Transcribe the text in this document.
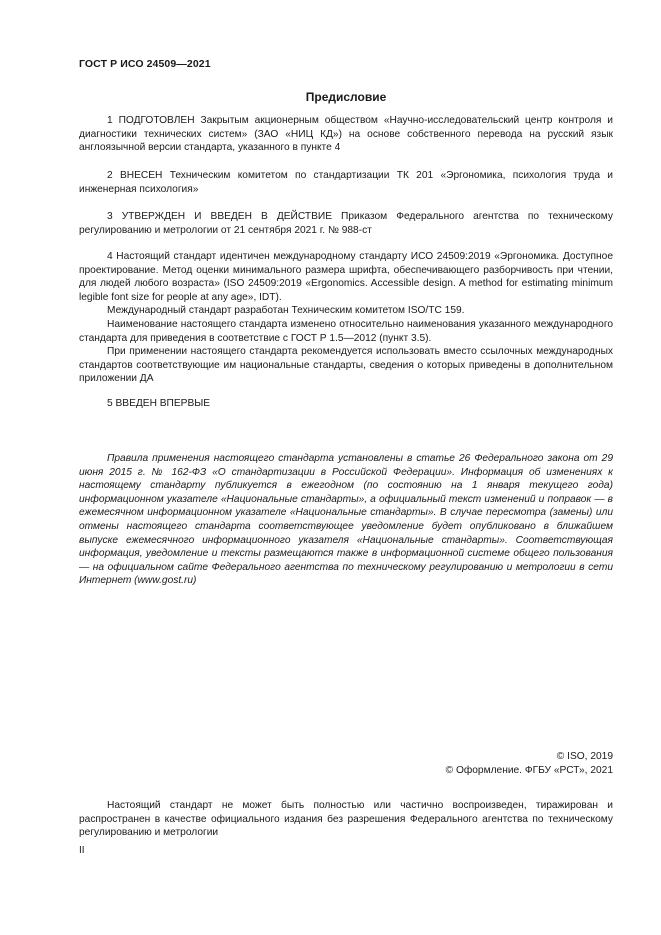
ГОСТ Р ИСО 24509—2021
Предисловие
1 ПОДГОТОВЛЕН Закрытым акционерным обществом «Научно-исследовательский центр контроля и диагностики технических систем» (ЗАО «НИЦ КД») на основе собственного перевода на русский язык англоязычной версии стандарта, указанного в пункте 4
2 ВНЕСЕН Техническим комитетом по стандартизации ТК 201 «Эргономика, психология труда и инженерная психология»
3 УТВЕРЖДЕН И ВВЕДЕН В ДЕЙСТВИЕ Приказом Федерального агентства по техническому регулированию и метрологии от 21 сентября 2021 г. № 988-ст
4 Настоящий стандарт идентичен международному стандарту ИСО 24509:2019 «Эргономика. Доступное проектирование. Метод оценки минимального размера шрифта, обеспечивающего разборчивость при чтении, для людей любого возраста» (ISO 24509:2019 «Ergonomics. Accessible design. A method for estimating minimum legible font size for people at any age», IDT).
Международный стандарт разработан Техническим комитетом ISO/TC 159.
Наименование настоящего стандарта изменено относительно наименования указанного международного стандарта для приведения в соответствие с ГОСТ Р 1.5—2012 (пункт 3.5).
При применении настоящего стандарта рекомендуется использовать вместо ссылочных международных стандартов соответствующие им национальные стандарты, сведения о которых приведены в дополнительном приложении ДА
5 ВВЕДЕН ВПЕРВЫЕ
Правила применения настоящего стандарта установлены в статье 26 Федерального закона от 29 июня 2015 г. № 162-ФЗ «О стандартизации в Российской Федерации». Информация об изменениях к настоящему стандарту публикуется в ежегодном (по состоянию на 1 января текущего года) информационном указателе «Национальные стандарты», а официальный текст изменений и поправок — в ежемесячном информационном указателе «Национальные стандарты». В случае пересмотра (замены) или отмены настоящего стандарта соответствующее уведомление будет опубликовано в ближайшем выпуске ежемесячного информационного указателя «Национальные стандарты». Соответствующая информация, уведомление и тексты размещаются также в информационной системе общего пользования — на официальном сайте Федерального агентства по техническому регулированию и метрологии в сети Интернет (www.gost.ru)
© ISO, 2019
© Оформление. ФГБУ «РСТ», 2021
Настоящий стандарт не может быть полностью или частично воспроизведен, тиражирован и распространен в качестве официального издания без разрешения Федерального агентства по техническому регулированию и метрологии
II
